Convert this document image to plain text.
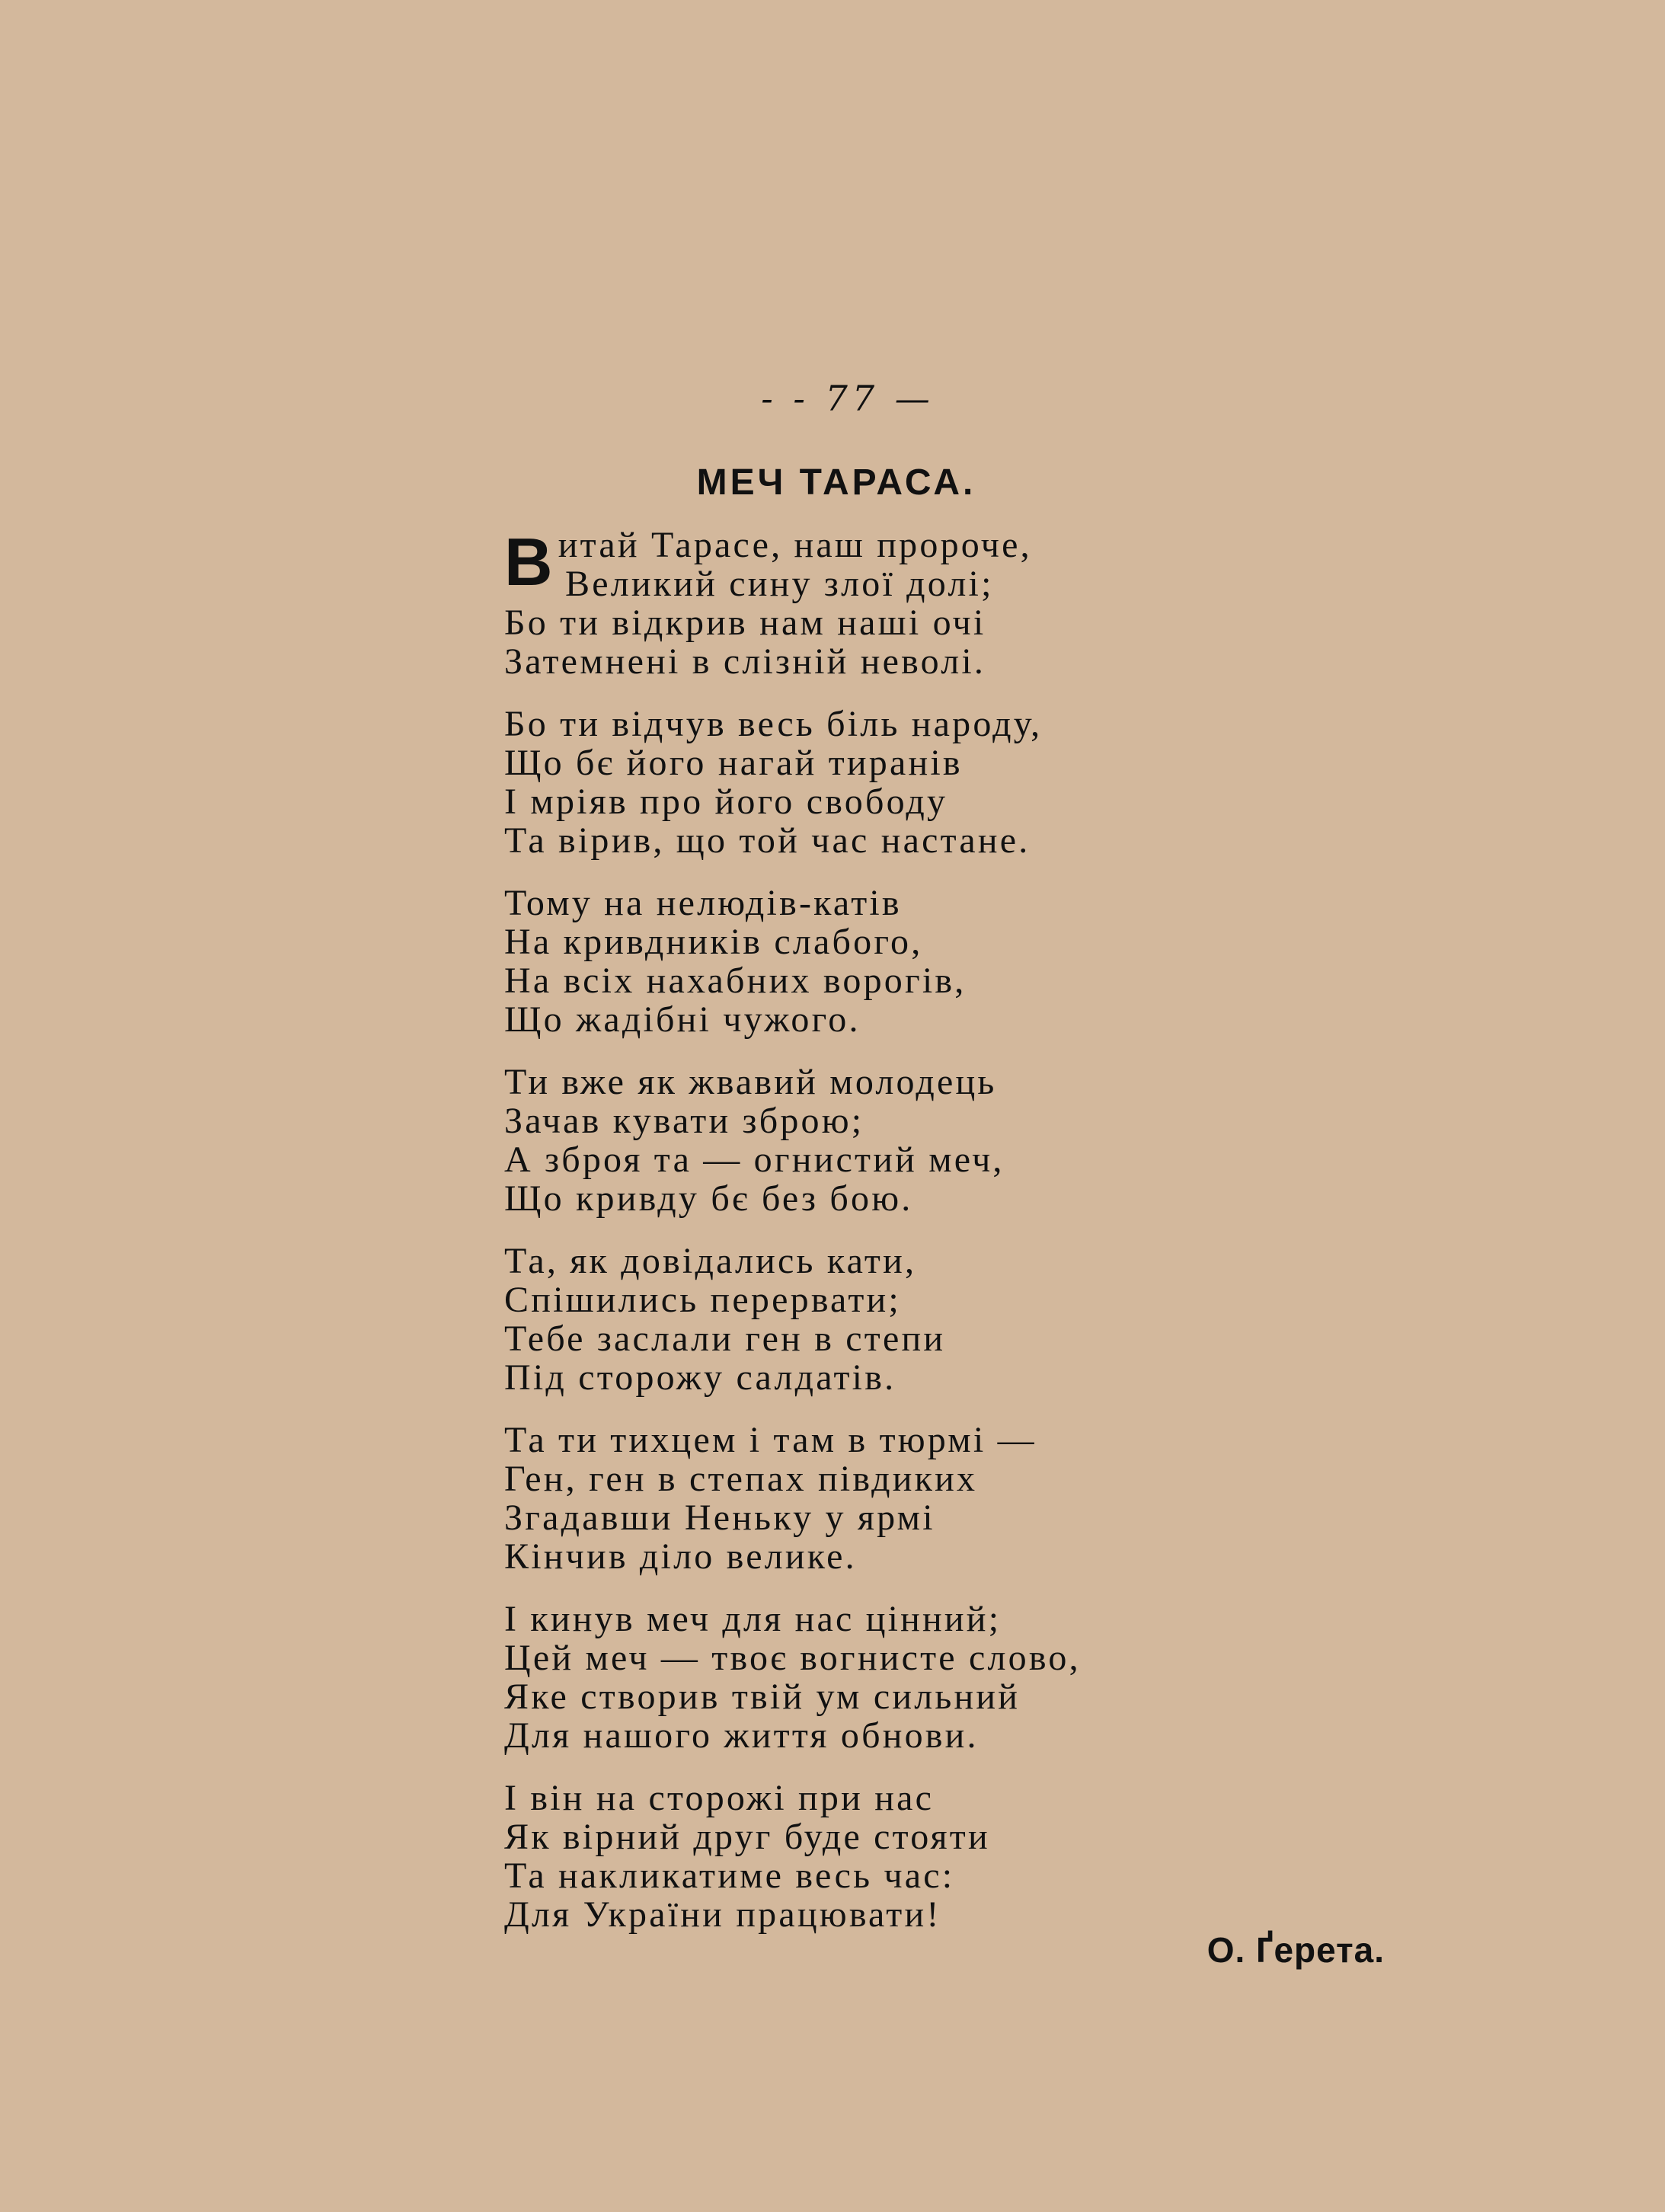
- - 77 —
МЕЧ ТАРАСА.
В итай Тарасе, наш пророче,
Великий сину злої долі;
Бо ти відкрив нам наші очі
Затемнені в слізній неволі.
Бо ти відчув весь біль народу,
Що бє його нагай тиранів
І мріяв про його свободу
Та вірив, що той час настане.
Тому на нелюдів-катів
На кривдників слабого,
На всіх нахабних ворогів,
Що жадібні чужого.
Ти вже як жвавий молодець
Зачав кувати зброю;
А зброя та — огнистий меч,
Що кривду бє без бою.
Та, як довідались кати,
Спішились перервати;
Тебе заслали ген в степи
Під сторожу салдатів.
Та ти тихцем і там в тюрмі —
Ген, ген в степах півдиких
Згадавши Неньку у ярмі
Кінчив діло велике.
І кинув меч для нас цінний;
Цей меч — твоє вогнисте слово,
Яке створив твій ум сильний
Для нашого життя обнови.
І він на сторожі при нас
Як вірний друг буде стояти
Та накликатиме весь час:
Для України працювати!
О. Ґерета.
